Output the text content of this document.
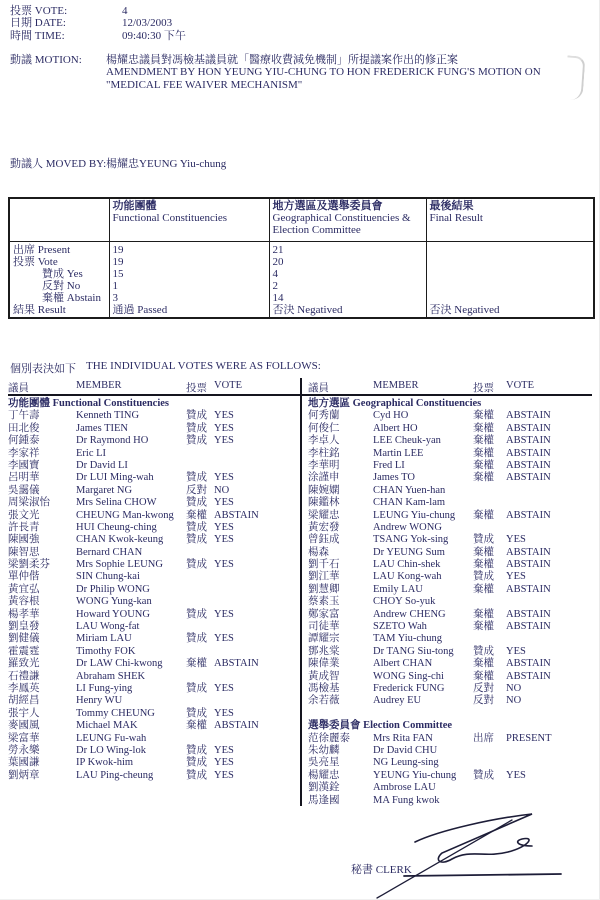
投票 VOTE:	4
日期 DATE:	12/03/2003
時間 TIME:	09:40:30 下午
動議 MOTION: 楊耀忠議員對馮檢基議員就「醫療收費減免機制」所提議案作出的修正案
AMENDMENT BY HON YEUNG YIU-CHUNG TO HON FREDERICK FUNG'S MOTION ON
"MEDICAL FEE WAIVER MECHANISM"
動議人 MOVED BY:楊耀忠YEUNG Yiu-chung

功能團體
Functional Constituencies

地方選區及選舉委員會
Geographical Constituencies & Election Committee

最後結果
Final Result

出席 Present	19	21	
投票 Vote	19	20	
贊成 Yes	15	4	
反對 No	1	2	
棄權 Abstain	3	14	
結果 Result	通過 Passed	否決 Negatived	否決 Negatived
個別表決如下 THE INDIVIDUAL VOTES WERE AS FOLLOWS:
議員	MEMBER	投票 VOTE	議員	MEMBER	投票 VOTE
功能團體 Functional Constituencies
丁午壽	Kenneth TING	贊成 YES
田北俊	James TIEN	贊成 YES
何鍾泰	Dr Raymond HO	贊成 YES
李家祥	Eric LI
李國寶	Dr David LI
呂明華	Dr LUI Ming-wah	贊成 YES
吳靄儀	Margaret NG	反對 NO
周梁淑怡 Mrs Selina CHOW	贊成 YES
張文光	CHEUNG Man-kwong 棄權 ABSTAIN
許長青	HUI Cheung-ching	贊成 YES
陳國強	CHAN Kwok-keung 贊成 YES
陳智思	Bernard CHAN
梁劉柔芬 Mrs Sophie LEUNG 贊成 YES
單仲偕	SIN Chung-kai
黃宜弘	Dr Philip WONG
黃容根	WONG Yung-kan
楊孝華	Howard YOUNG	贊成 YES
劉皇發	LAU Wong-fat
劉健儀	Miriam LAU	贊成 YES
霍震霆	Timothy FOK
羅致光	Dr LAW Chi-kwong 棄權 ABSTAIN
石禮謙	Abraham SHEK
李鳳英	LI Fung-ying	贊成 YES
胡經昌	Henry WU
張宇人	Tommy CHEUNG	贊成 YES
麥國風	Michael MAK	棄權 ABSTAIN
梁富華	LEUNG Fu-wah
勞永樂	Dr LO Wing-lok	贊成 YES
葉國謙	IP Kwok-him	贊成 YES
劉炳章	LAU Ping-cheung	贊成 YES
地方選區 Geographical Constituencies
何秀蘭	Cyd HO	棄權 ABSTAIN
何俊仁	Albert HO	棄權 ABSTAIN
李卓人	LEE Cheuk-yan	棄權 ABSTAIN
李柱銘	Martin LEE	棄權 ABSTAIN
李華明	Fred LI	棄權 ABSTAIN
涂謹申	James TO	棄權 ABSTAIN
陳婉嫻	CHAN Yuen-han
陳鑑林	CHAN Kam-lam
梁耀忠	LEUNG Yiu-chung 棄權 ABSTAIN
黃宏發	Andrew WONG
曾鈺成	TSANG Yok-sing 贊成 YES
楊森	Dr YEUNG Sum	棄權 ABSTAIN
劉千石	LAU Chin-shek	棄權 ABSTAIN
劉江華	LAU Kong-wah	贊成 YES
劉慧卿	Emily LAU	棄權 ABSTAIN
蔡素玉	CHOY So-yuk
鄭家富	Andrew CHENG	棄權 ABSTAIN
司徒華	SZETO Wah	棄權 ABSTAIN
譚耀宗	TAM Yiu-chung
鄧兆棠	Dr TANG Siu-tong 贊成 YES
陳偉業	Albert CHAN	棄權 ABSTAIN
黃成智	WONG Sing-chi	棄權 ABSTAIN
馮檢基	Frederick FUNG	反對 NO
余若薇	Audrey EU	反對 NO
選舉委員會 Election Committee
范徐麗泰 Mrs Rita FAN	出席 PRESENT
朱幼麟	Dr David CHU
吳亮星	NG Leung-sing
楊耀忠	YEUNG Yiu-chung 贊成 YES
劉漢銓	Ambrose LAU
馬逢國	MA Fung kwok
秘書 CLERK
